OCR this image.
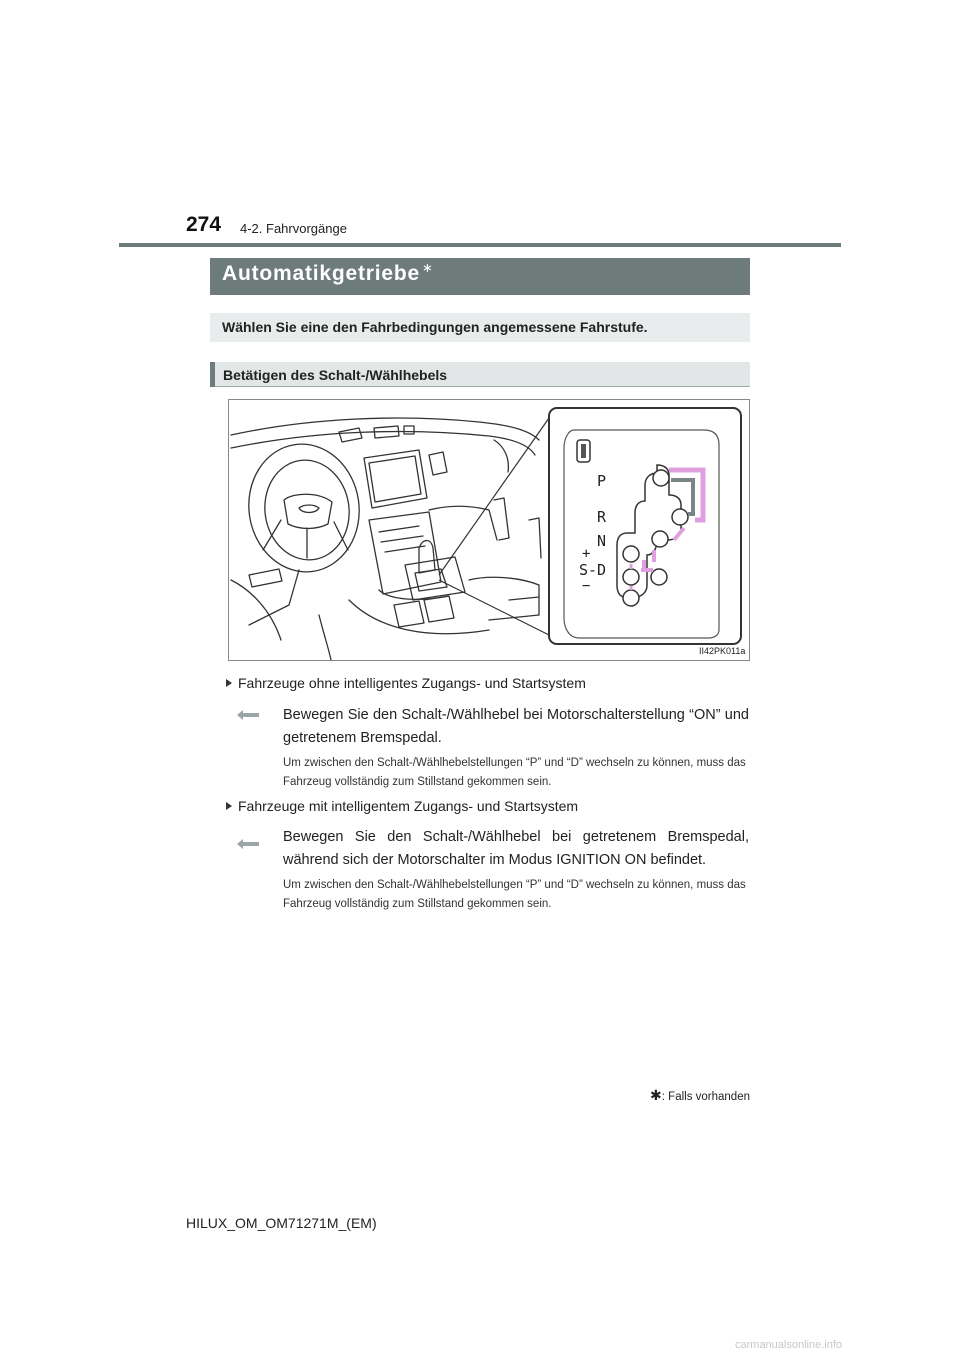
274 4-2. Fahrvorgänge
Automatikgetriebe ∗
Wählen Sie eine den Fahrbedingungen angemessene Fahrstufe.
Betätigen des Schalt-/Wählhebels
P
R
N
+
S-D
−
II42PK011a
Fahrzeuge ohne intelligentes Zugangs- und Startsystem
Bewegen Sie den Schalt-/Wählhebel bei Motorschalterstellung “ON” und getretenem Bremspedal.
Um zwischen den Schalt-/Wählhebelstellungen “P” und “D” wechseln zu können, muss das Fahrzeug vollständig zum Stillstand gekommen sein.
Fahrzeuge mit intelligentem Zugangs- und Startsystem
Bewegen Sie den Schalt-/Wählhebel bei getretenem Bremspedal, während sich der Motorschalter im Modus IGNITION ON befindet.
Um zwischen den Schalt-/Wählhebelstellungen “P” und “D” wechseln zu können, muss das Fahrzeug vollständig zum Stillstand gekommen sein.
✱: Falls vorhanden
HILUX_OM_OM71271M_(EM)
carmanualsonline.info
